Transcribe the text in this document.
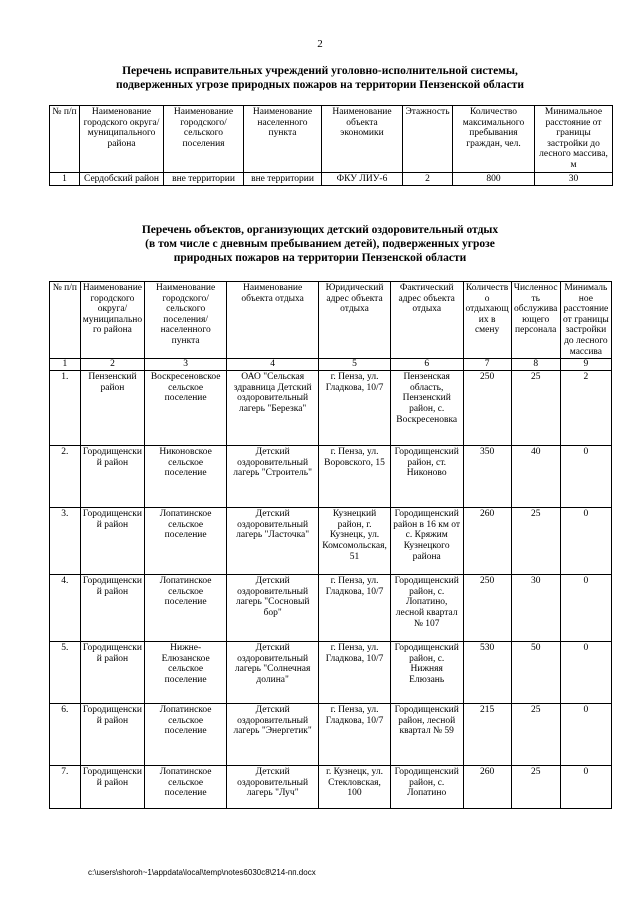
2
Перечень исправительных учреждений уголовно-исполнительной системы,
подверженных угрозе природных пожаров на территории Пензенской области
№ п/п	Наименование городского округа/ муниципального района	Наименование городского/ сельского поселения	Наименование населенного пункта	Наименование объекта экономики	Этажность	Количество максимального пребывания граждан, чел.	Минимальное расстояние от границы застройки до лесного массива, м
1	Сердобский район	вне территории	вне территории	ФКУ ЛИУ-6	2	800	30
Перечень объектов, организующих детский оздоровительный отдых
(в том числе с дневным пребыванием детей), подверженных угрозе
природных пожаров на территории Пензенской области
№ п/п	Наименование городского округа/ муниципального района	Наименование городского/ сельского поселения/ населенного пункта	Наименование объекта отдыха	Юридический адрес объекта отдыха	Фактический адрес объекта отдыха	Количество отдыхающих в смену	Численность обслуживающего персонала	Минимальное расстояние от границы застройки до лесного массива
1	2	3	4	5	6	7	8	9
1.	Пензенский район	Воскресеновское сельское поселение	ОАО "Сельская здравница Детский оздоровительный лагерь "Березка"	г. Пенза, ул. Гладкова, 10/7	Пензенская область, Пензенский район, с. Воскресеновка	250	25	2
2.	Городищенский район	Никоновское сельское поселение	Детский оздоровительный лагерь "Строитель"	г. Пенза, ул. Воровского, 15	Городищенский район, ст. Никоново	350	40	0
3.	Городищенский район	Лопатинское сельское поселение	Детский оздоровительный лагерь "Ласточка"	Кузнецкий район, г. Кузнецк, ул. Комсомольская, 51	Городищенский район в 16 км от с. Кряжим Кузнецкого района	260	25	0
4.	Городищенский район	Лопатинское сельское поселение	Детский оздоровительный лагерь "Сосновый бор"	г. Пенза, ул. Гладкова, 10/7	Городищенский район, с. Лопатино, лесной квартал № 107	250	30	0
5.	Городищенский район	Нижне-Елюзанское сельское поселение	Детский оздоровительный лагерь "Солнечная долина"	г. Пенза, ул. Гладкова, 10/7	Городищенский район, с. Нижняя Елюзань	530	50	0
6.	Городищенский район	Лопатинское сельское поселение	Детский оздоровительный лагерь "Энергетик"	г. Пенза, ул. Гладкова, 10/7	Городищенский район, лесной квартал № 59	215	25	0
7.	Городищенский район	Лопатинское сельское поселение	Детский оздоровительный лагерь "Луч"	г. Кузнецк, ул. Стекловская, 100	Городищенский район, с. Лопатино	260	25	0
c:\users\shoroh~1\appdata\local\temp\notes6030c8\214-пп.docx
